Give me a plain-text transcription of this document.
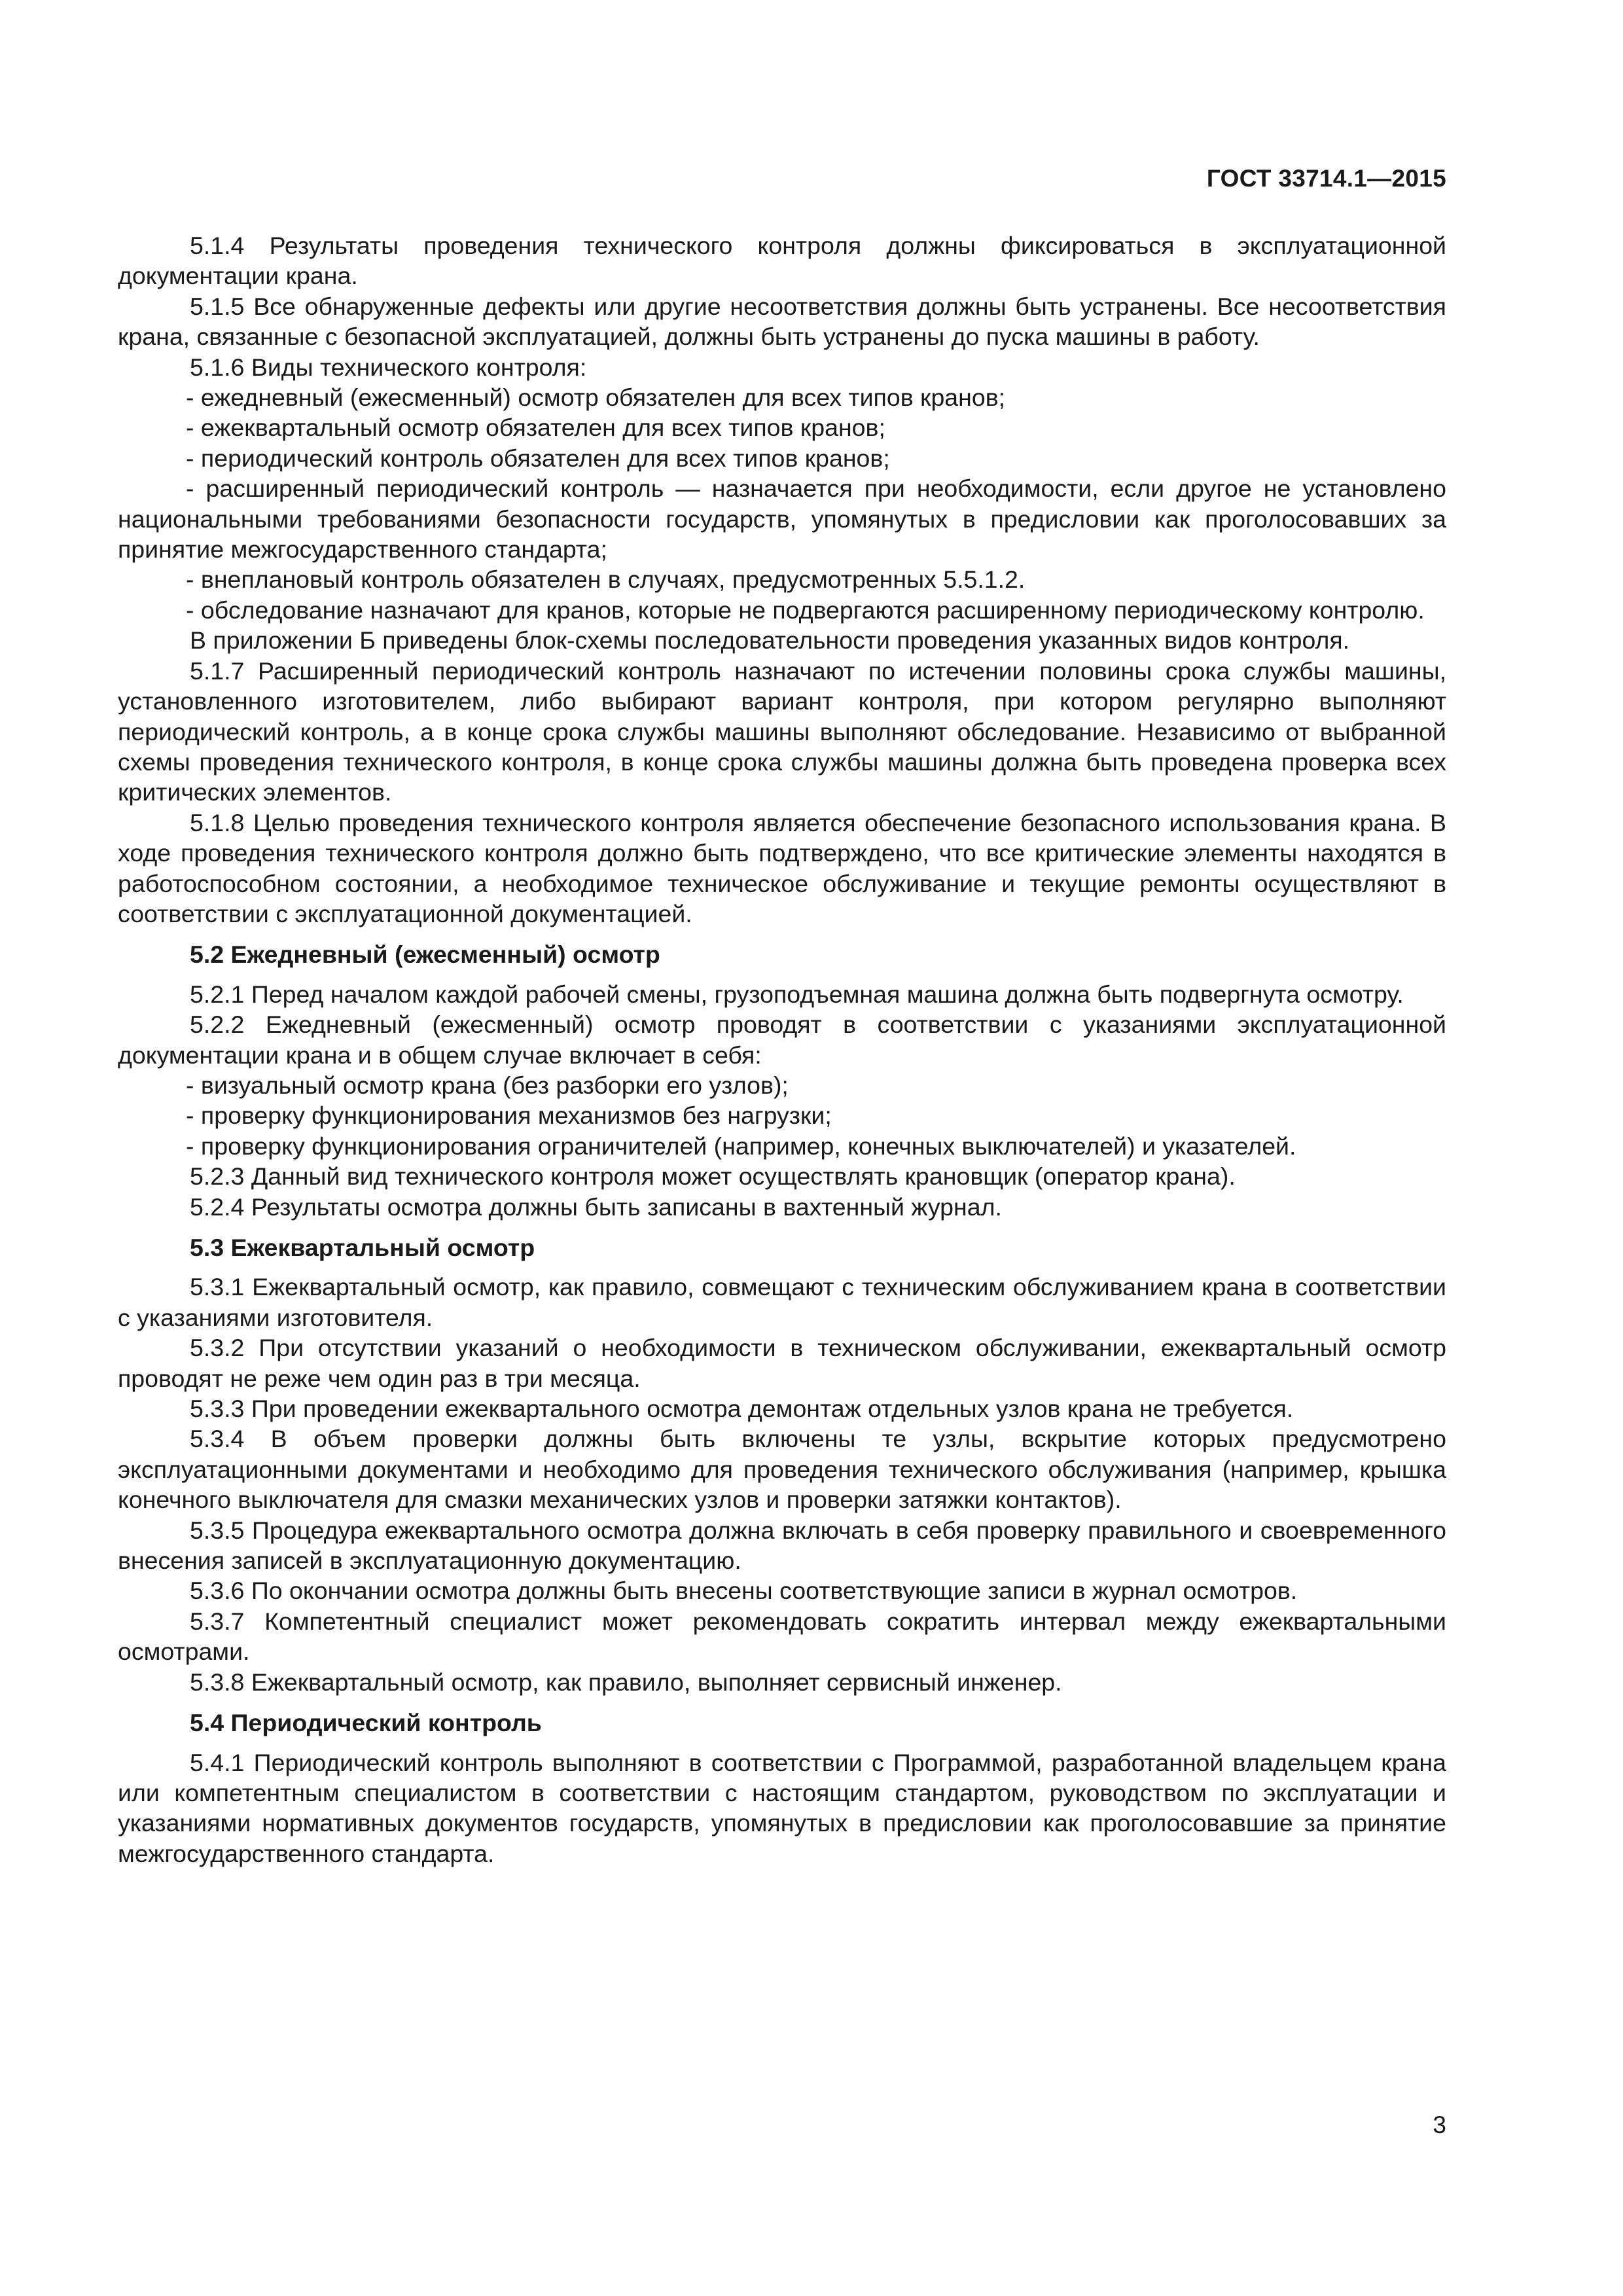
ГОСТ 33714.1—2015

5.1.4 Результаты проведения технического контроля должны фиксироваться в эксплуатационной документации крана.

5.1.5 Все обнаруженные дефекты или другие несоответствия должны быть устранены. Все несоответствия крана, связанные с безопасной эксплуатацией, должны быть устранены до пуска машины в работу.

5.1.6 Виды технического контроля:

- ежедневный (ежесменный) осмотр обязателен для всех типов кранов;

- ежеквартальный осмотр обязателен для всех типов кранов;

- периодический контроль обязателен для всех типов кранов;

- расширенный периодический контроль — назначается при необходимости, если другое не установлено национальными требованиями безопасности государств, упомянутых в предисловии как проголосовавших за принятие межгосударственного стандарта;

- внеплановый контроль обязателен в случаях, предусмотренных 5.5.1.2.

- обследование назначают для кранов, которые не подвергаются расширенному периодическому контролю.

В приложении Б приведены блок-схемы последовательности проведения указанных видов контроля.

5.1.7 Расширенный периодический контроль назначают по истечении половины срока службы машины, установленного изготовителем, либо выбирают вариант контроля, при котором регулярно выполняют периодический контроль, а в конце срока службы машины выполняют обследование. Независимо от выбранной схемы проведения технического контроля, в конце срока службы машины должна быть проведена проверка всех критических элементов.

5.1.8 Целью проведения технического контроля является обеспечение безопасного использования крана. В ходе проведения технического контроля должно быть подтверждено, что все критические элементы находятся в работоспособном состоянии, а необходимое техническое обслуживание и текущие ремонты осуществляют в соответствии с эксплуатационной документацией.

5.2 Ежедневный (ежесменный) осмотр

5.2.1 Перед началом каждой рабочей смены, грузоподъемная машина должна быть подвергнута осмотру.

5.2.2 Ежедневный (ежесменный) осмотр проводят в соответствии с указаниями эксплуатационной документации крана и в общем случае включает в себя:

- визуальный осмотр крана (без разборки его узлов);

- проверку функционирования механизмов без нагрузки;

- проверку функционирования ограничителей (например, конечных выключателей) и указателей.

5.2.3 Данный вид технического контроля может осуществлять крановщик (оператор крана).

5.2.4 Результаты осмотра должны быть записаны в вахтенный журнал.

5.3 Ежеквартальный осмотр

5.3.1 Ежеквартальный осмотр, как правило, совмещают с техническим обслуживанием крана в соответствии с указаниями изготовителя.

5.3.2 При отсутствии указаний о необходимости в техническом обслуживании, ежеквартальный осмотр проводят не реже чем один раз в три месяца.

5.3.3 При проведении ежеквартального осмотра демонтаж отдельных узлов крана не требуется.

5.3.4 В объем проверки должны быть включены те узлы, вскрытие которых предусмотрено эксплуатационными документами и необходимо для проведения технического обслуживания (например, крышка конечного выключателя для смазки механических узлов и проверки затяжки контактов).

5.3.5 Процедура ежеквартального осмотра должна включать в себя проверку правильного и своевременного внесения записей в эксплуатационную документацию.

5.3.6 По окончании осмотра должны быть внесены соответствующие записи в журнал осмотров.

5.3.7 Компетентный специалист может рекомендовать сократить интервал между ежеквартальными осмотрами.

5.3.8 Ежеквартальный осмотр, как правило, выполняет сервисный инженер.

5.4 Периодический контроль

5.4.1 Периодический контроль выполняют в соответствии с Программой, разработанной владельцем крана или компетентным специалистом в соответствии с настоящим стандартом, руководством по эксплуатации и указаниями нормативных документов государств, упомянутых в предисловии как проголосовавшие за принятие межгосударственного стандарта.

3
